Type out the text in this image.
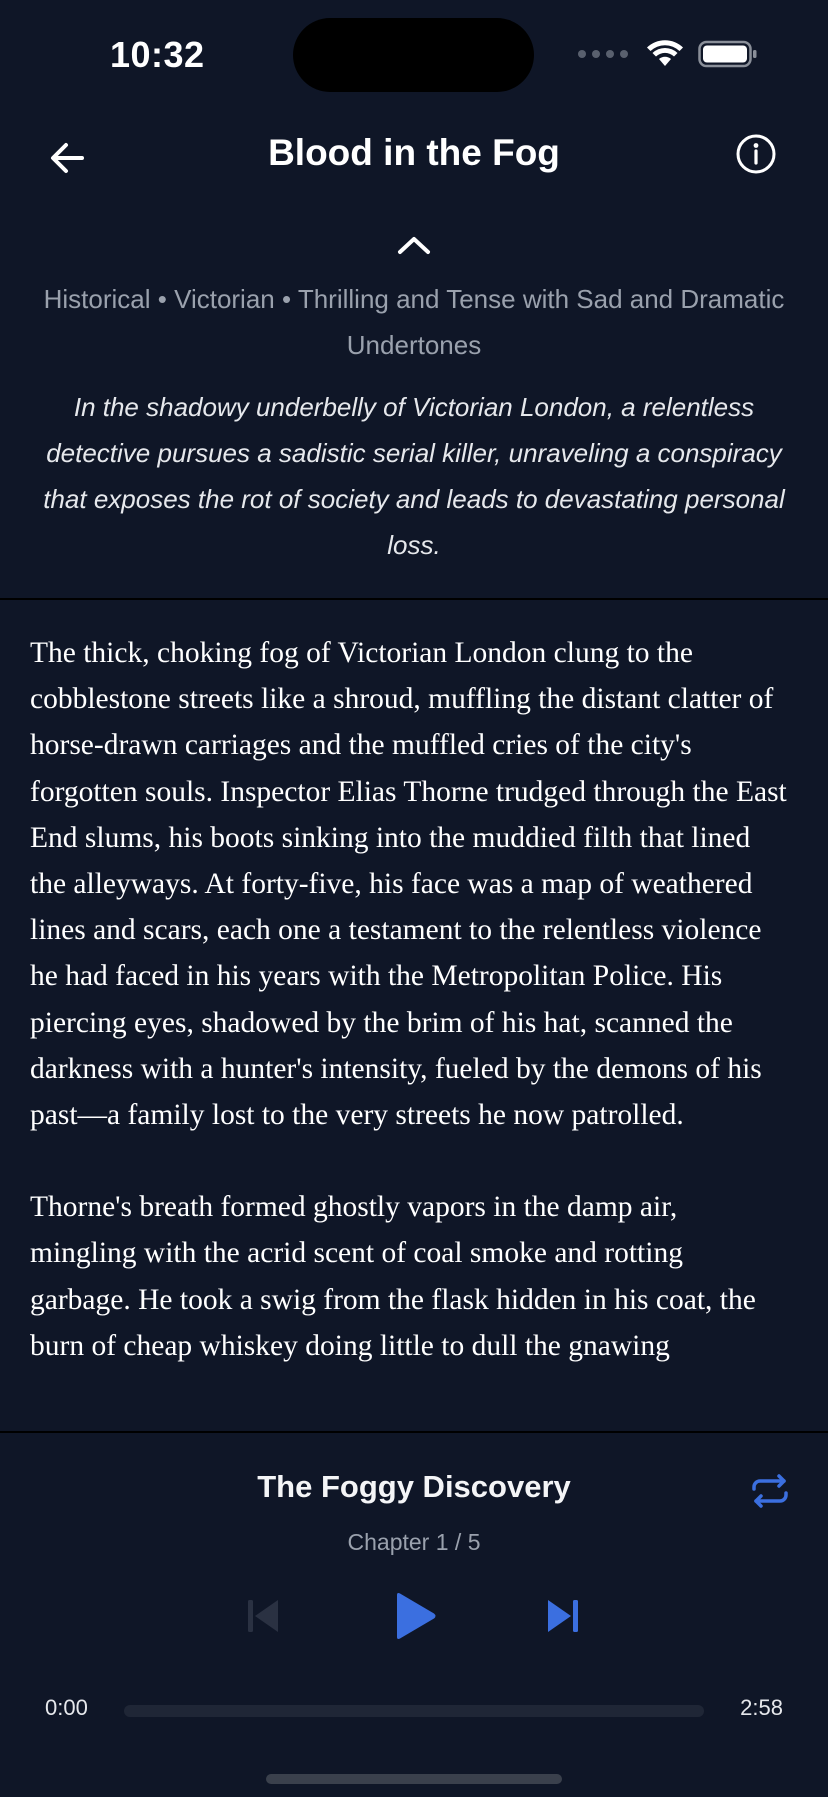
10:32
Blood in the Fog
Historical • Victorian • Thrilling and Tense with Sad and Dramatic Undertones
In the shadowy underbelly of Victorian London, a relentless detective pursues a sadistic serial killer, unraveling a conspiracy that exposes the rot of society and leads to devastating personal loss.

The thick, choking fog of Victorian London clung to the cobblestone streets like a shroud, muffling the distant clatter of horse-drawn carriages and the muffled cries of the city's forgotten souls. Inspector Elias Thorne trudged through the East End slums, his boots sinking into the muddied filth that lined the alleyways. At forty-five, his face was a map of weathered lines and scars, each one a testament to the relentless violence he had faced in his years with the Metropolitan Police. His piercing eyes, shadowed by the brim of his hat, scanned the darkness with a hunter's intensity, fueled by the demons of his past—a family lost to the very streets he now patrolled.

Thorne's breath formed ghostly vapors in the damp air, mingling with the acrid scent of coal smoke and rotting garbage. He took a swig from the flask hidden in his coat, the burn of cheap whiskey doing little to dull the gnawing

The Foggy Discovery
Chapter 1 / 5
0:00	2:58
